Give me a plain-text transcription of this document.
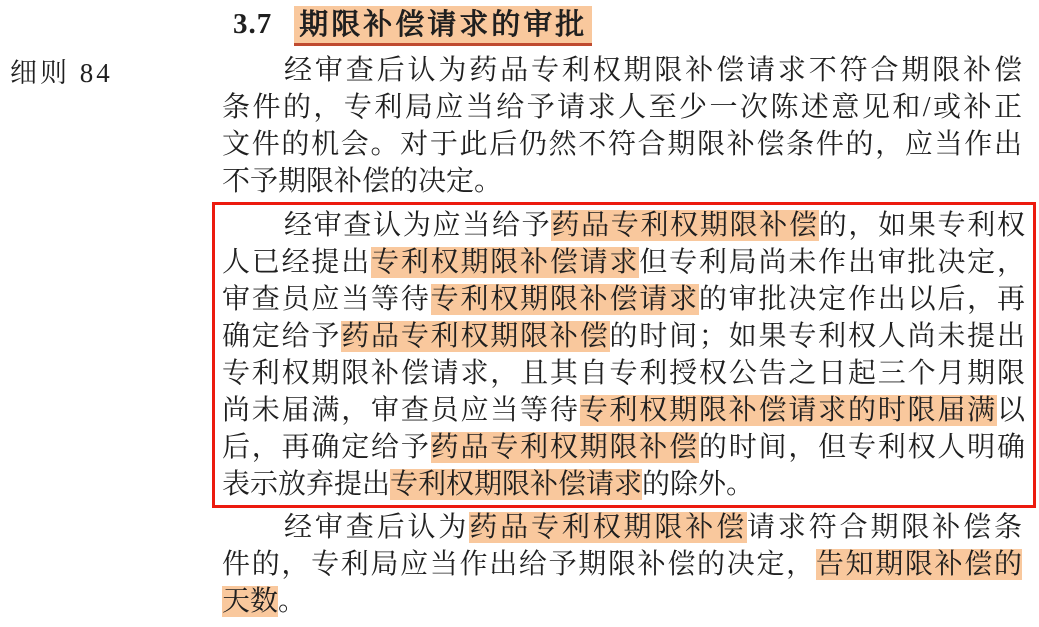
细则 84
3.7 期限补偿请求的审批
经审查后认为药品专利权期限补偿请求不符合期限补偿
条件的，专利局应当给予请求人至少一次陈述意见和/或补正
文件的机会。对于此后仍然不符合期限补偿条件的，应当作出
不予期限补偿的决定。
经审查认为应当给予药品专利权期限补偿的，如果专利权
人已经提出专利权期限补偿请求但专利局尚未作出审批决定，
审查员应当等待专利权期限补偿请求的审批决定作出以后，再
确定给予药品专利权期限补偿的时间；如果专利权人尚未提出
专利权期限补偿请求，且其自专利授权公告之日起三个月期限
尚未届满，审查员应当等待专利权期限补偿请求的时限届满以
后，再确定给予药品专利权期限补偿的时间，但专利权人明确
表示放弃提出专利权期限补偿请求的除外。
经审查后认为药品专利权期限补偿请求符合期限补偿条
件的，专利局应当作出给予期限补偿的决定，告知期限补偿的
天数。
